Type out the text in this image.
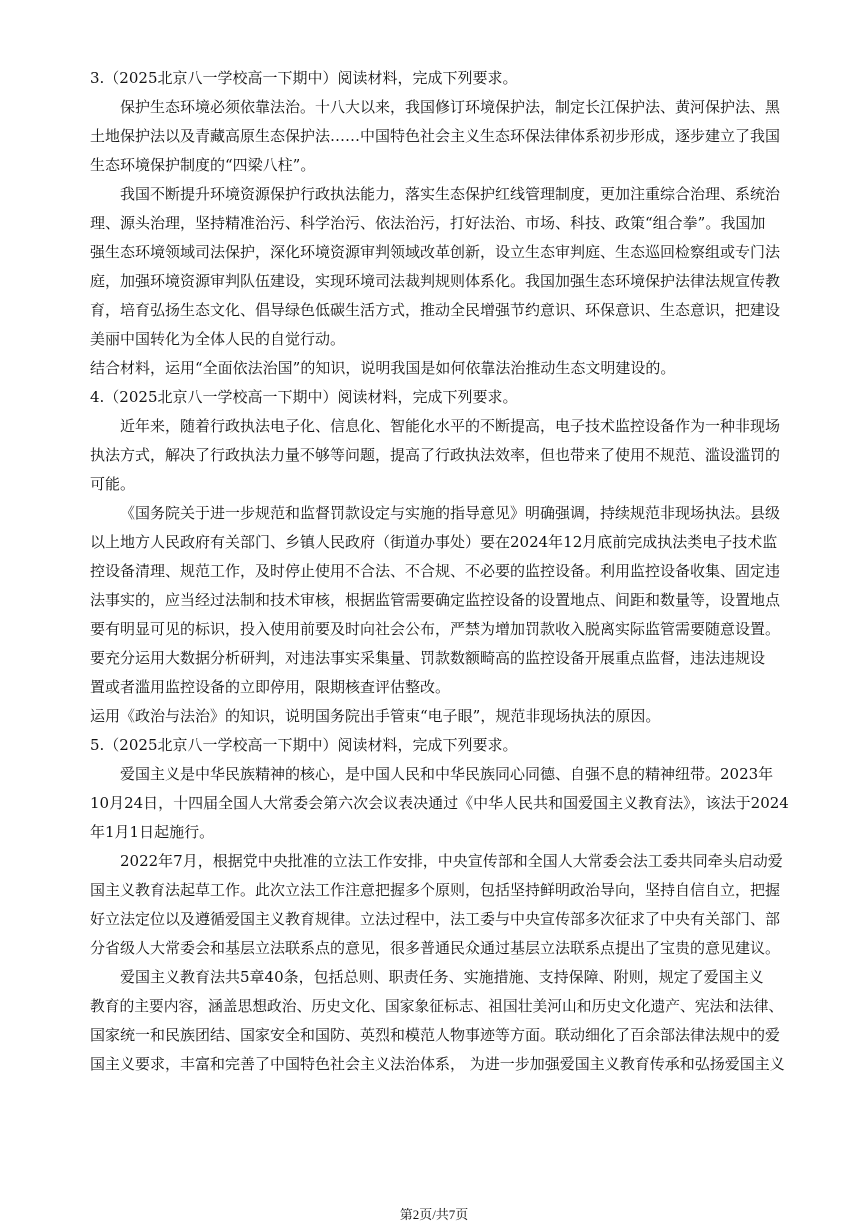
3.（2025北京八一学校高一下期中）阅读材料，完成下列要求。
保护生态环境必须依靠法治。十八大以来，我国修订环境保护法，制定长江保护法、黄河保护法、黑
土地保护法以及青藏高原生态保护法……中国特色社会主义生态环保法律体系初步形成，逐步建立了我国
生态环境保护制度的“四梁八柱”。
我国不断提升环境资源保护行政执法能力，落实生态保护红线管理制度，更加注重综合治理、系统治
理、源头治理，坚持精准治污、科学治污、依法治污，打好法治、市场、科技、政策“组合拳”。我国加
强生态环境领域司法保护，深化环境资源审判领域改革创新，设立生态审判庭、生态巡回检察组或专门法
庭，加强环境资源审判队伍建设，实现环境司法裁判规则体系化。我国加强生态环境保护法律法规宣传教
育，培育弘扬生态文化、倡导绿色低碳生活方式，推动全民增强节约意识、环保意识、生态意识，把建设
美丽中国转化为全体人民的自觉行动。
结合材料，运用“全面依法治国”的知识，说明我国是如何依靠法治推动生态文明建设的。
4.（2025北京八一学校高一下期中）阅读材料，完成下列要求。
近年来，随着行政执法电子化、信息化、智能化水平的不断提高，电子技术监控设备作为一种非现场
执法方式，解决了行政执法力量不够等问题，提高了行政执法效率，但也带来了使用不规范、滥设滥罚的
可能。
《国务院关于进一步规范和监督罚款设定与实施的指导意见》明确强调，持续规范非现场执法。县级
以上地方人民政府有关部门、乡镇人民政府（街道办事处）要在2024年12月底前完成执法类电子技术监
控设备清理、规范工作，及时停止使用不合法、不合规、不必要的监控设备。利用监控设备收集、固定违
法事实的，应当经过法制和技术审核，根据监管需要确定监控设备的设置地点、间距和数量等，设置地点
要有明显可见的标识，投入使用前要及时向社会公布，严禁为增加罚款收入脱离实际监管需要随意设置。
要充分运用大数据分析研判，对违法事实采集量、罚款数额畸高的监控设备开展重点监督，违法违规设
置或者滥用监控设备的立即停用，限期核查评估整改。
运用《政治与法治》的知识，说明国务院出手管束“电子眼”，规范非现场执法的原因。
5.（2025北京八一学校高一下期中）阅读材料，完成下列要求。
爱国主义是中华民族精神的核心，是中国人民和中华民族同心同德、自强不息的精神纽带。2023年
10月24日，十四届全国人大常委会第六次会议表决通过《中华人民共和国爱国主义教育法》，该法于2024
年1月1日起施行。
2022年7月，根据党中央批准的立法工作安排，中央宣传部和全国人大常委会法工委共同牵头启动爱
国主义教育法起草工作。此次立法工作注意把握多个原则，包括坚持鲜明政治导向，坚持自信自立，把握
好立法定位以及遵循爱国主义教育规律。立法过程中，法工委与中央宣传部多次征求了中央有关部门、部
分省级人大常委会和基层立法联系点的意见，很多普通民众通过基层立法联系点提出了宝贵的意见建议。
爱国主义教育法共5章40条，包括总则、职责任务、实施措施、支持保障、附则，规定了爱国主义
教育的主要内容，涵盖思想政治、历史文化、国家象征标志、祖国壮美河山和历史文化遗产、宪法和法律、
国家统一和民族团结、国家安全和国防、英烈和模范人物事迹等方面。联动细化了百余部法律法规中的爱
国主义要求，丰富和完善了中国特色社会主义法治体系， 为进一步加强爱国主义教育传承和弘扬爱国主义
第2页/共7页
